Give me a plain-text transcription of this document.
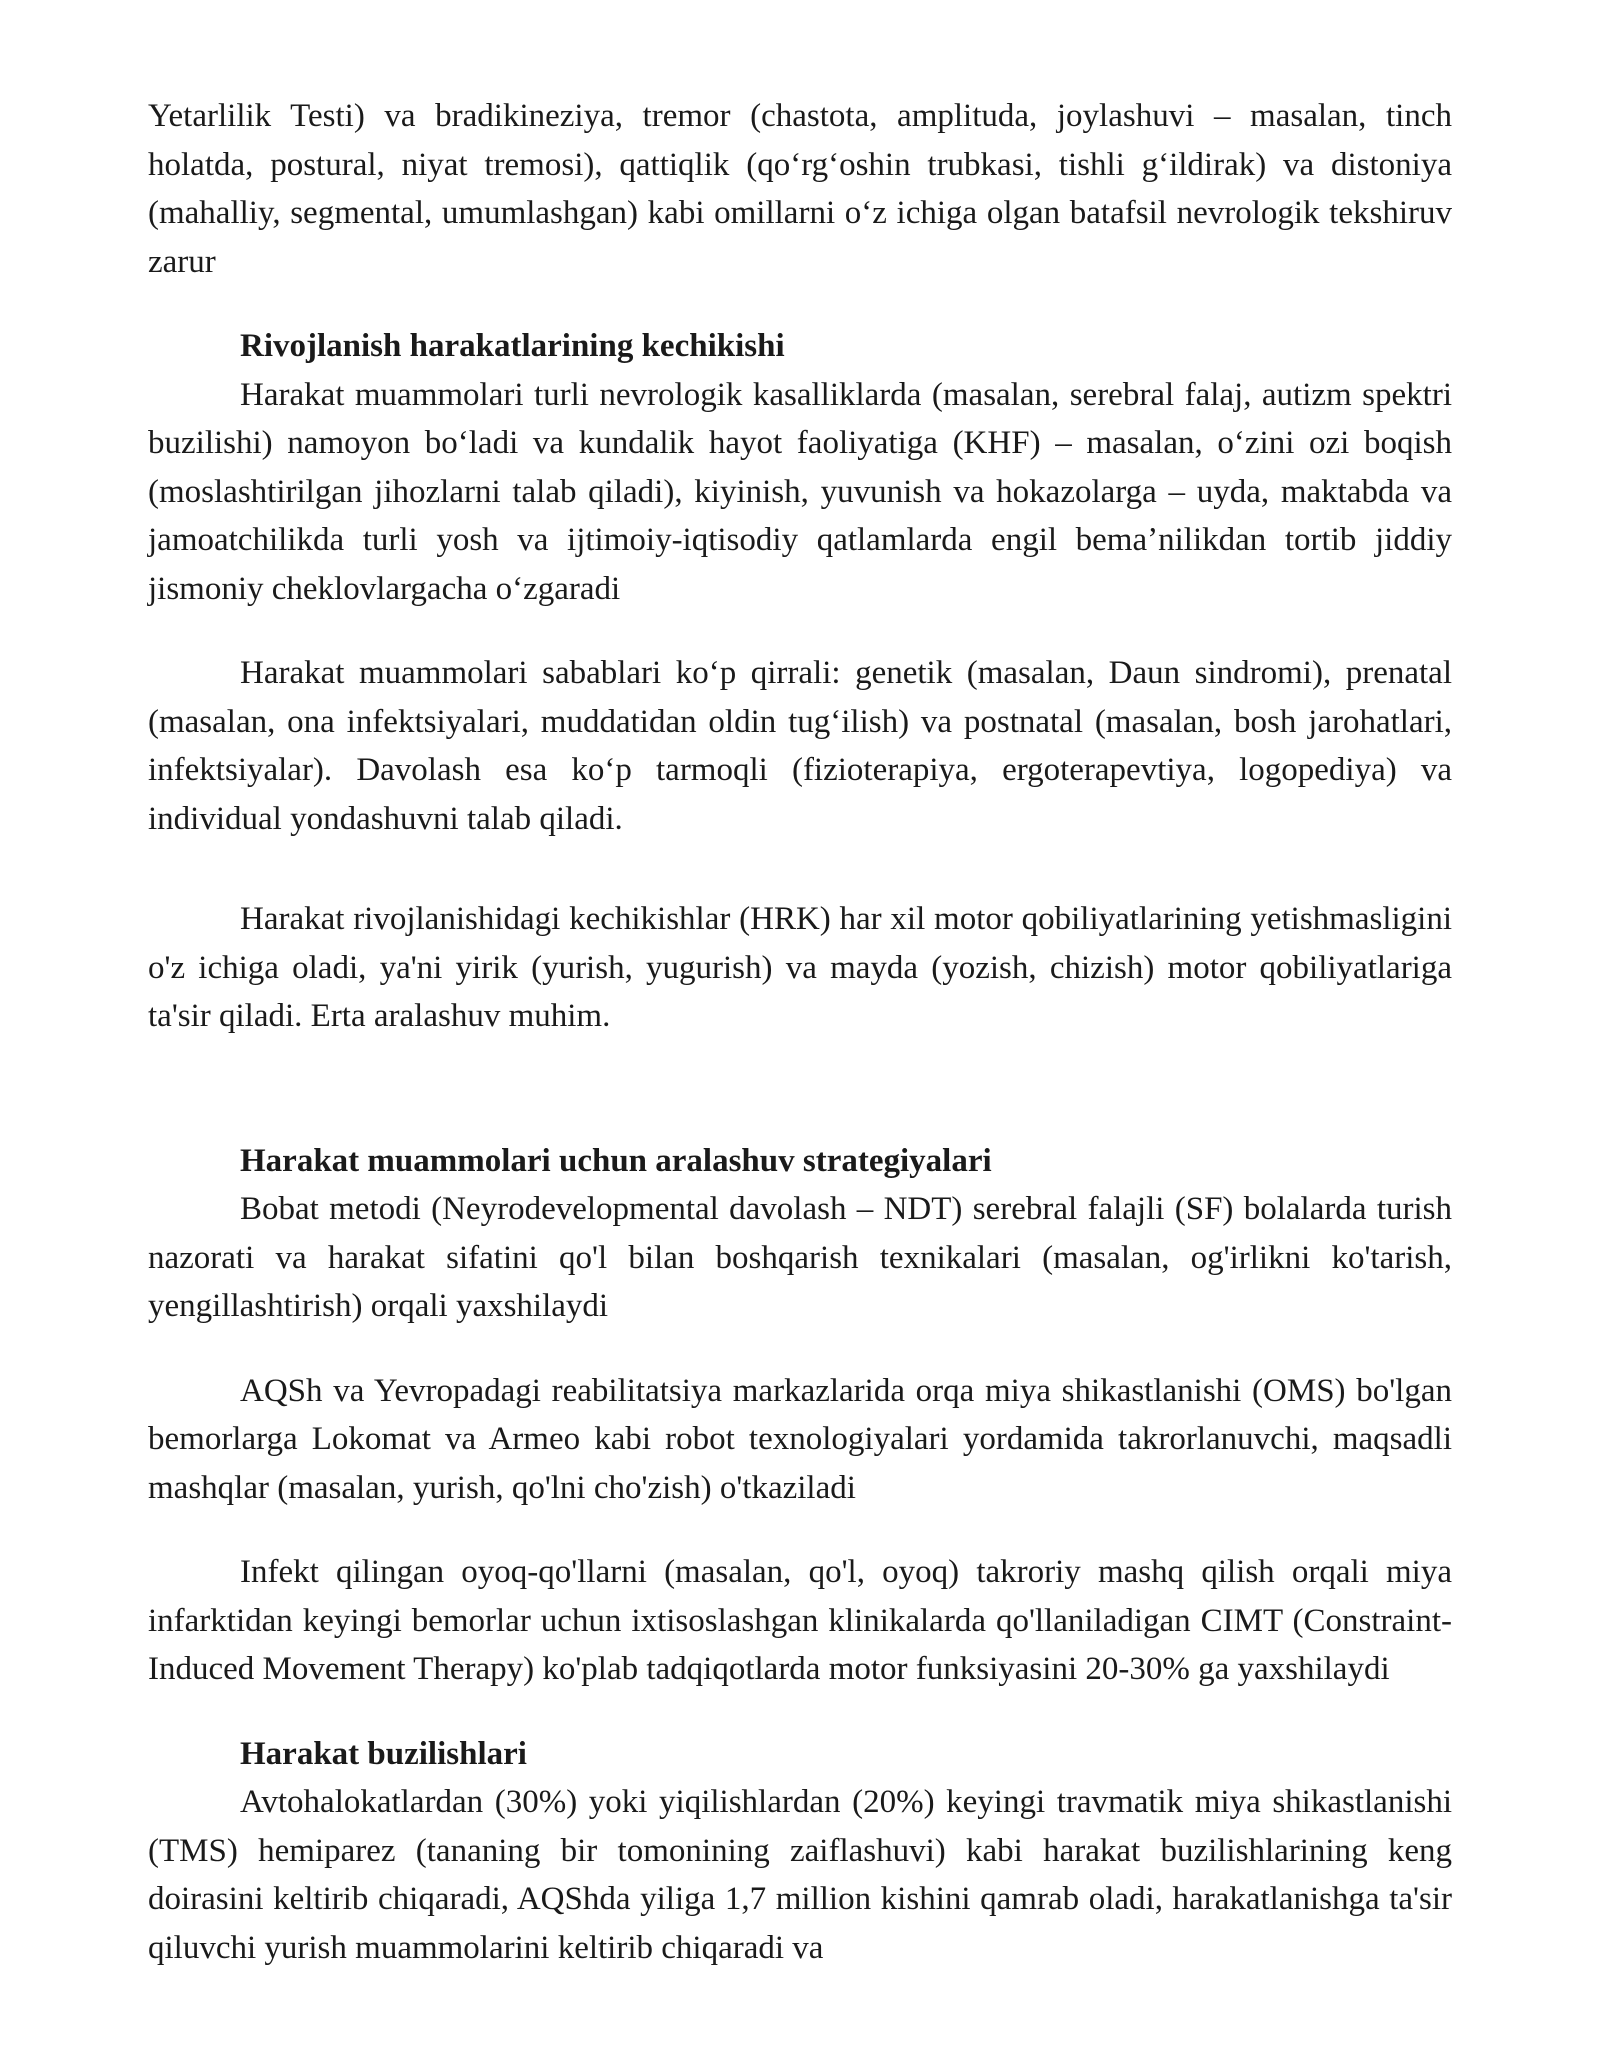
Yetarlilik Testi) va bradikineziya, tremor (chastota, amplituda, joylashuvi – masalan, tinch holatda, postural, niyat tremosi), qattiqlik (qoʻrgʻoshin trubkasi, tishli gʻildirak) va distoniya (mahalliy, segmental, umumlashgan) kabi omillarni oʻz ichiga olgan batafsil nevrologik tekshiruv zarur

Rivojlanish harakatlarining kechikishi

Harakat muammolari turli nevrologik kasalliklarda (masalan, serebral falaj, autizm spektri buzilishi) namoyon boʻladi va kundalik hayot faoliyatiga (KHF) – masalan, oʻzini ozi boqish (moslashtirilgan jihozlarni talab qiladi), kiyinish, yuvunish va hokazolarga – uyda, maktabda va jamoatchilikda turli yosh va ijtimoiy-iqtisodiy qatlamlarda engil bemaʼnilikdan tortib jiddiy jismoniy cheklovlargacha oʻzgaradi

Harakat muammolari sabablari koʻp qirrali: genetik (masalan, Daun sindromi), prenatal (masalan, ona infektsiyalari, muddatidan oldin tugʻilish) va postnatal (masalan, bosh jarohatlari, infektsiyalar). Davolash esa koʻp tarmoqli (fizioterapiya, ergoterapevtiya, logopediya) va individual yondashuvni talab qiladi.

Harakat rivojlanishidagi kechikishlar (HRK) har xil motor qobiliyatlarining yetishmasligini o'z ichiga oladi, ya'ni yirik (yurish, yugurish) va mayda (yozish, chizish) motor qobiliyatlariga ta'sir qiladi. Erta aralashuv muhim.

Harakat muammolari uchun aralashuv strategiyalari

Bobat metodi (Neyrodevelopmental davolash – NDT) serebral falajli (SF) bolalarda turish nazorati va harakat sifatini qo'l bilan boshqarish texnikalari (masalan, og'irlikni ko'tarish, yengillashtirish) orqali yaxshilaydi

AQSh va Yevropadagi reabilitatsiya markazlarida orqa miya shikastlanishi (OMS) bo'lgan bemorlarga Lokomat va Armeo kabi robot texnologiyalari yordamida takrorlanuvchi, maqsadli mashqlar (masalan, yurish, qo'lni cho'zish) o'tkaziladi

Infekt qilingan oyoq-qo'llarni (masalan, qo'l, oyoq) takroriy mashq qilish orqali miya infarktidan keyingi bemorlar uchun ixtisoslashgan klinikalarda qo'llaniladigan CIMT (Constraint-Induced Movement Therapy) ko'plab tadqiqotlarda motor funksiyasini 20-30% ga yaxshilaydi

Harakat buzilishlari

Avtohalokatlardan (30%) yoki yiqilishlardan (20%) keyingi travmatik miya shikastlanishi (TMS) hemiparez (tananing bir tomonining zaiflashuvi) kabi harakat buzilishlarining keng doirasini keltirib chiqaradi, AQShda yiliga 1,7 million kishini qamrab oladi, harakatlanishga ta'sir qiluvchi yurish muammolarini keltirib chiqaradi va
